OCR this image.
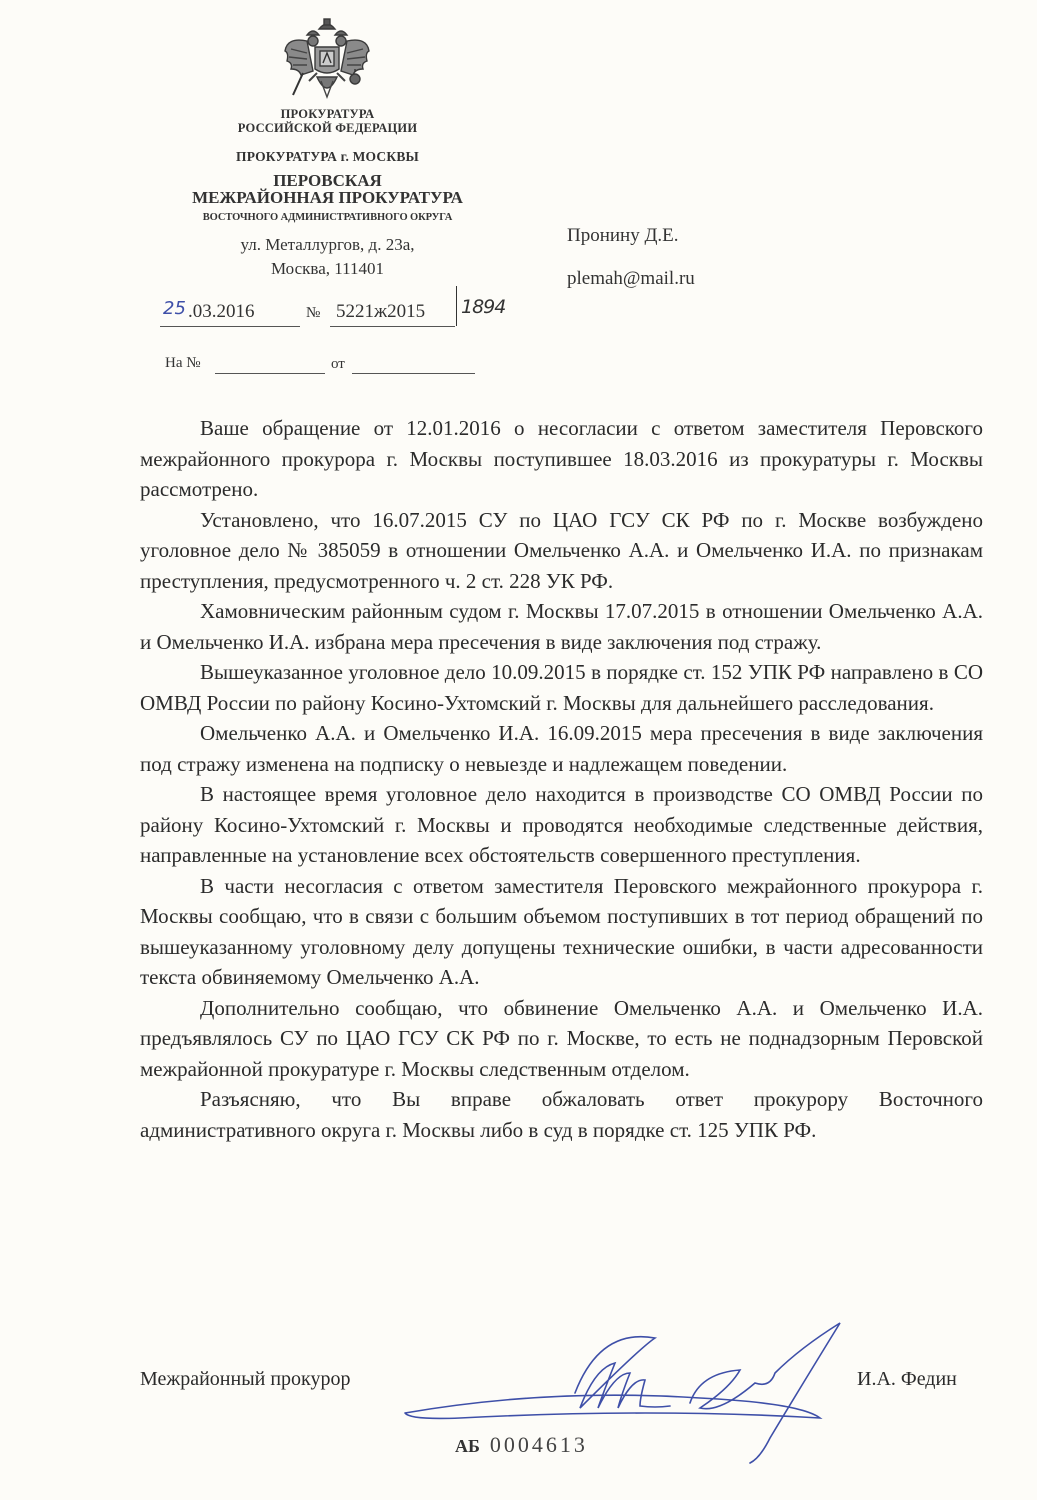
ПРОКУРАТУРА
РОССИЙСКОЙ ФЕДЕРАЦИИ
ПРОКУРАТУРА г. МОСКВЫ
ПЕРОВСКАЯ
МЕЖРАЙОННАЯ ПРОКУРАТУРА
ВОСТОЧНОГО АДМИНИСТРАТИВНОГО ОКРУГА
ул. Металлургов, д. 23а,
Москва, 111401
25 .03.2016	№ 5221ж2015 1894
На №	от
Пронину Д.Е.
plemah@mail.ru

Ваше обращение от 12.01.2016 о несогласии с ответом заместителя Перовского межрайонного прокурора г. Москвы поступившее 18.03.2016 из прокуратуры г. Москвы рассмотрено.

Установлено, что 16.07.2015 СУ по ЦАО ГСУ СК РФ по г. Москве возбуждено уголовное дело № 385059 в отношении Омельченко А.А. и Омельченко И.А. по признакам преступления, предусмотренного ч. 2 ст. 228 УК РФ.

Хамовническим районным судом г. Москвы 17.07.2015 в отношении Омельченко А.А. и Омельченко И.А. избрана мера пресечения в виде заключения под стражу.

Вышеуказанное уголовное дело 10.09.2015 в порядке ст. 152 УПК РФ направлено в СО ОМВД России по району Косино-Ухтомский г. Москвы для дальнейшего расследования.

Омельченко А.А. и Омельченко И.А. 16.09.2015 мера пресечения в виде заключения под стражу изменена на подписку о невыезде и надлежащем поведении.

В настоящее время уголовное дело находится в производстве СО ОМВД России по району Косино-Ухтомский г. Москвы и проводятся необходимые следственные действия, направленные на установление всех обстоятельств совершенного преступления.

В части несогласия с ответом заместителя Перовского межрайонного прокурора г. Москвы сообщаю, что в связи с большим объемом поступивших в тот период обращений по вышеуказанному уголовному делу допущены технические ошибки, в части адресованности текста обвиняемому Омельченко А.А.

Дополнительно сообщаю, что обвинение Омельченко А.А. и Омельченко И.А. предъявлялось СУ по ЦАО ГСУ СК РФ по г. Москве, то есть не поднадзорным Перовской межрайонной прокуратуре г. Москвы следственным отделом.

Разъясняю, что Вы вправе обжаловать ответ прокурору Восточного административного округа г. Москвы либо в суд в порядке ст. 125 УПК РФ.

Межрайонный прокурор	И.А. Федин
АБ 0004613
